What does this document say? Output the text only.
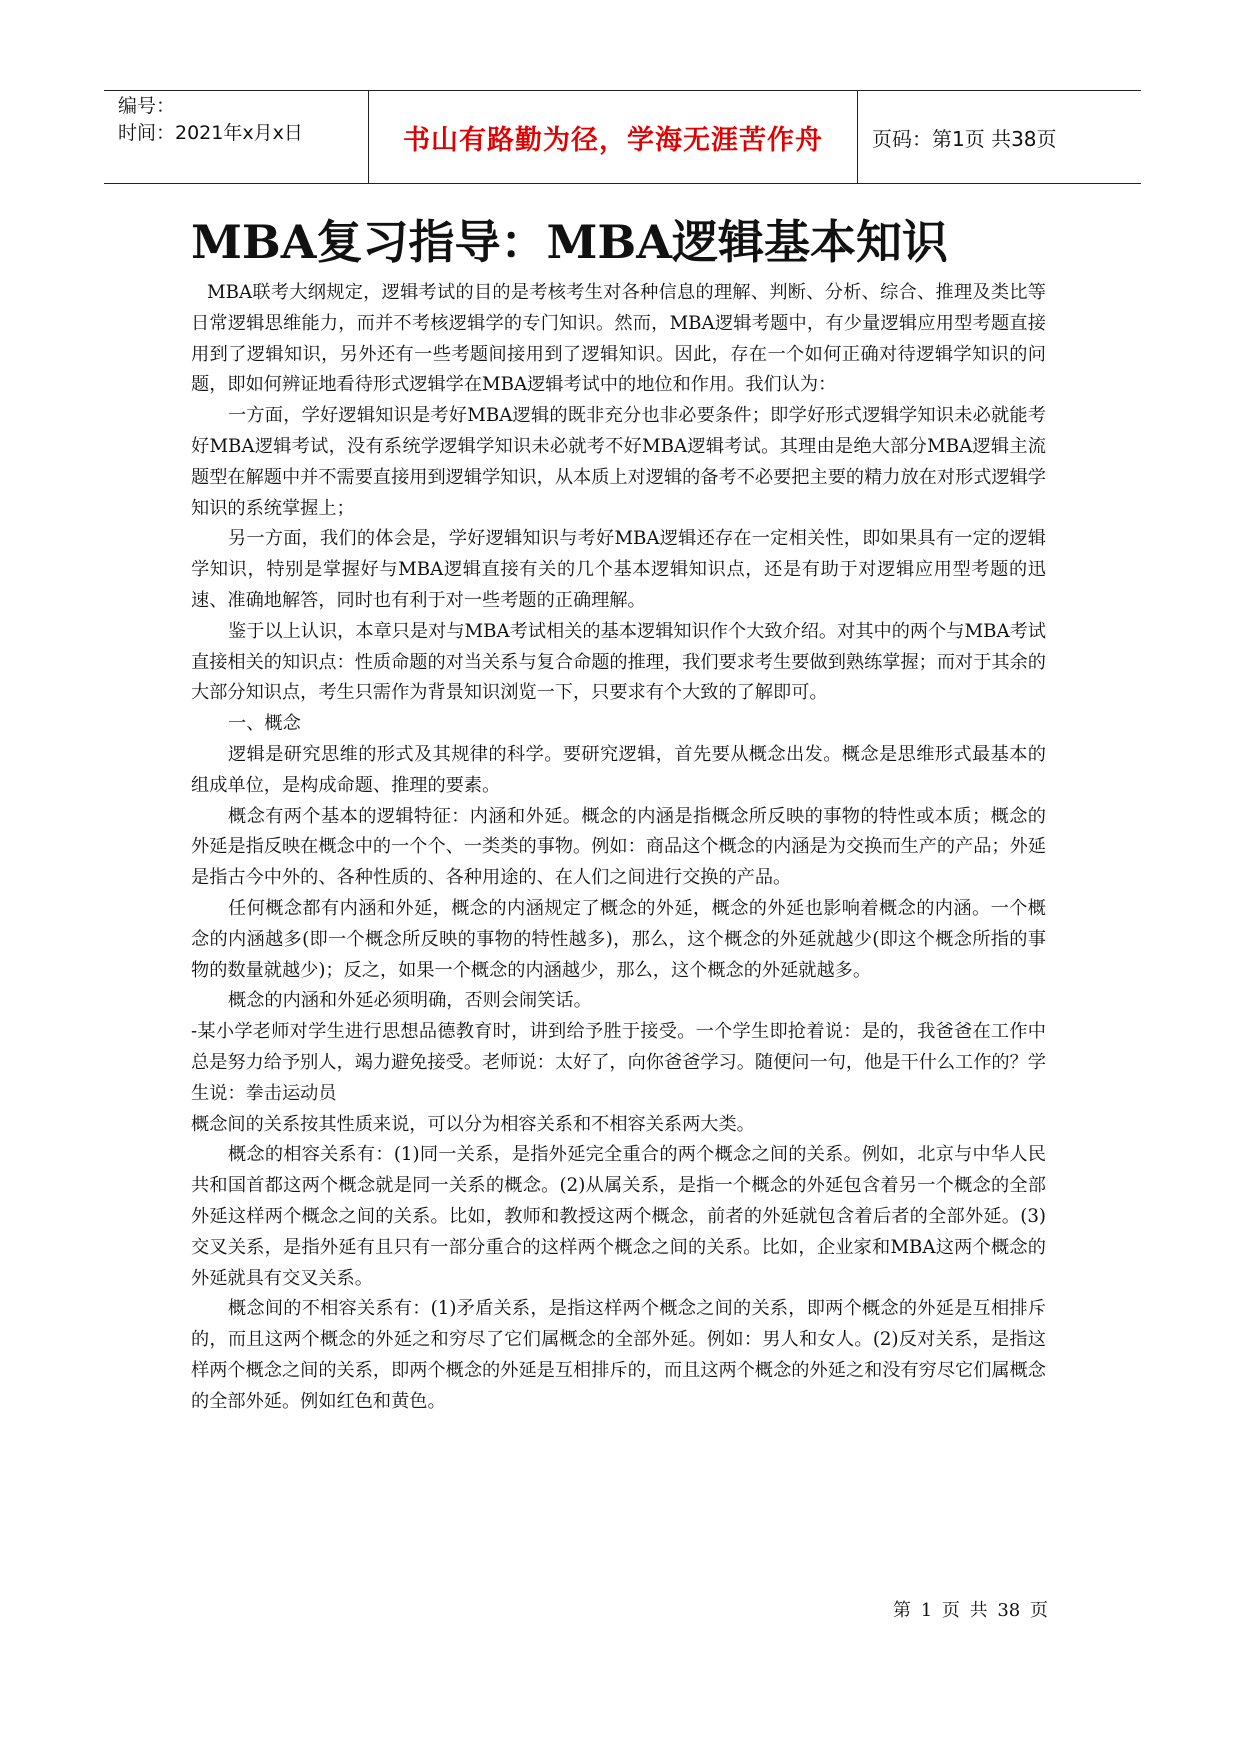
编号：
时间：2021年x月x日	书山有路勤为径，学海无涯苦作舟	页码：第1页 共38页
MBA复习指导：MBA逻辑基本知识

MBA联考大纲规定，逻辑考试的目的是考核考生对各种信息的理解、判断、分析、综合、推理及类比等日常逻辑思维能力，而并不考核逻辑学的专门知识。然而，MBA逻辑考题中，有少量逻辑应用型考题直接用到了逻辑知识，另外还有一些考题间接用到了逻辑知识。因此，存在一个如何正确对待逻辑学知识的问题，即如何辨证地看待形式逻辑学在MBA逻辑考试中的地位和作用。我们认为：

一方面，学好逻辑知识是考好MBA逻辑的既非充分也非必要条件；即学好形式逻辑学知识未必就能考好MBA逻辑考试，没有系统学逻辑学知识未必就考不好MBA逻辑考试。其理由是绝大部分MBA逻辑主流题型在解题中并不需要直接用到逻辑学知识，从本质上对逻辑的备考不必要把主要的精力放在对形式逻辑学知识的系统掌握上；

另一方面，我们的体会是，学好逻辑知识与考好MBA逻辑还存在一定相关性，即如果具有一定的逻辑学知识，特别是掌握好与MBA逻辑直接有关的几个基本逻辑知识点，还是有助于对逻辑应用型考题的迅速、准确地解答，同时也有利于对一些考题的正确理解。

鉴于以上认识，本章只是对与MBA考试相关的基本逻辑知识作个大致介绍。对其中的两个与MBA考试直接相关的知识点：性质命题的对当关系与复合命题的推理，我们要求考生要做到熟练掌握；而对于其余的大部分知识点，考生只需作为背景知识浏览一下，只要求有个大致的了解即可。

一、概念

逻辑是研究思维的形式及其规律的科学。要研究逻辑，首先要从概念出发。概念是思维形式最基本的组成单位，是构成命题、推理的要素。

概念有两个基本的逻辑特征：内涵和外延。概念的内涵是指概念所反映的事物的特性或本质；概念的外延是指反映在概念中的一个个、一类类的事物。例如：商品这个概念的内涵是为交换而生产的产品；外延是指古今中外的、各种性质的、各种用途的、在人们之间进行交换的产品。

任何概念都有内涵和外延，概念的内涵规定了概念的外延，概念的外延也影响着概念的内涵。一个概念的内涵越多(即一个概念所反映的事物的特性越多)，那么，这个概念的外延就越少(即这个概念所指的事物的数量就越少)；反之，如果一个概念的内涵越少，那么，这个概念的外延就越多。

概念的内涵和外延必须明确，否则会闹笑话。

-某小学老师对学生进行思想品德教育时，讲到给予胜于接受。一个学生即抢着说：是的，我爸爸在工作中总是努力给予别人，竭力避免接受。老师说：太好了，向你爸爸学习。随便问一句，他是干什么工作的？学生说：拳击运动员

概念间的关系按其性质来说，可以分为相容关系和不相容关系两大类。

概念的相容关系有：(1)同一关系，是指外延完全重合的两个概念之间的关系。例如，北京与中华人民共和国首都这两个概念就是同一关系的概念。(2)从属关系，是指一个概念的外延包含着另一个概念的全部外延这样两个概念之间的关系。比如，教师和教授这两个概念，前者的外延就包含着后者的全部外延。(3)交叉关系，是指外延有且只有一部分重合的这样两个概念之间的关系。比如，企业家和MBA这两个概念的外延就具有交叉关系。

概念间的不相容关系有：(1)矛盾关系，是指这样两个概念之间的关系，即两个概念的外延是互相排斥的，而且这两个概念的外延之和穷尽了它们属概念的全部外延。例如：男人和女人。(2)反对关系，是指这样两个概念之间的关系，即两个概念的外延是互相排斥的，而且这两个概念的外延之和没有穷尽它们属概念的全部外延。例如红色和黄色。

第 1 页 共 38 页
